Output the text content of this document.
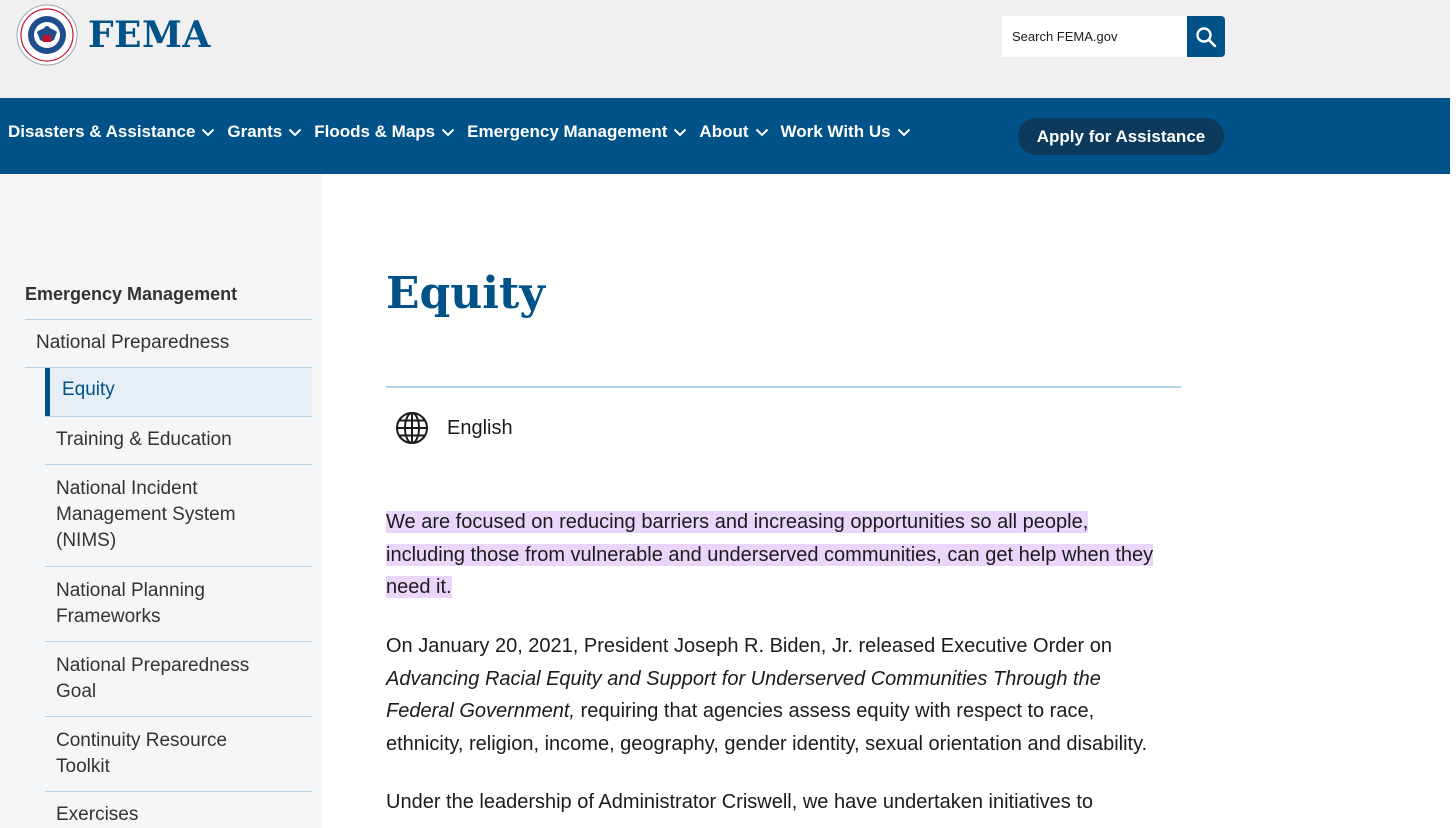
FEMA
Search FEMA.gov
Disasters & Assistance Grants Floods & Maps Emergency Management About Work With Us	Apply for Assistance
Emergency Management
National Preparedness
Equity
Training & Education
National Incident
Management System
(NIMS)
National Planning
Frameworks
National Preparedness
Goal
Continuity Resource
Toolkit
Exercises
Equity
English
We are focused on reducing barriers and increasing opportunities so all people,
including those from vulnerable and underserved communities, can get help when they
need it.
On January 20, 2021, President Joseph R. Biden, Jr. released Executive Order on
Advancing Racial Equity and Support for Underserved Communities Through the
Federal Government, requiring that agencies assess equity with respect to race,
ethnicity, religion, income, geography, gender identity, sexual orientation and disability.
Under the leadership of Administrator Criswell, we have undertaken initiatives to
